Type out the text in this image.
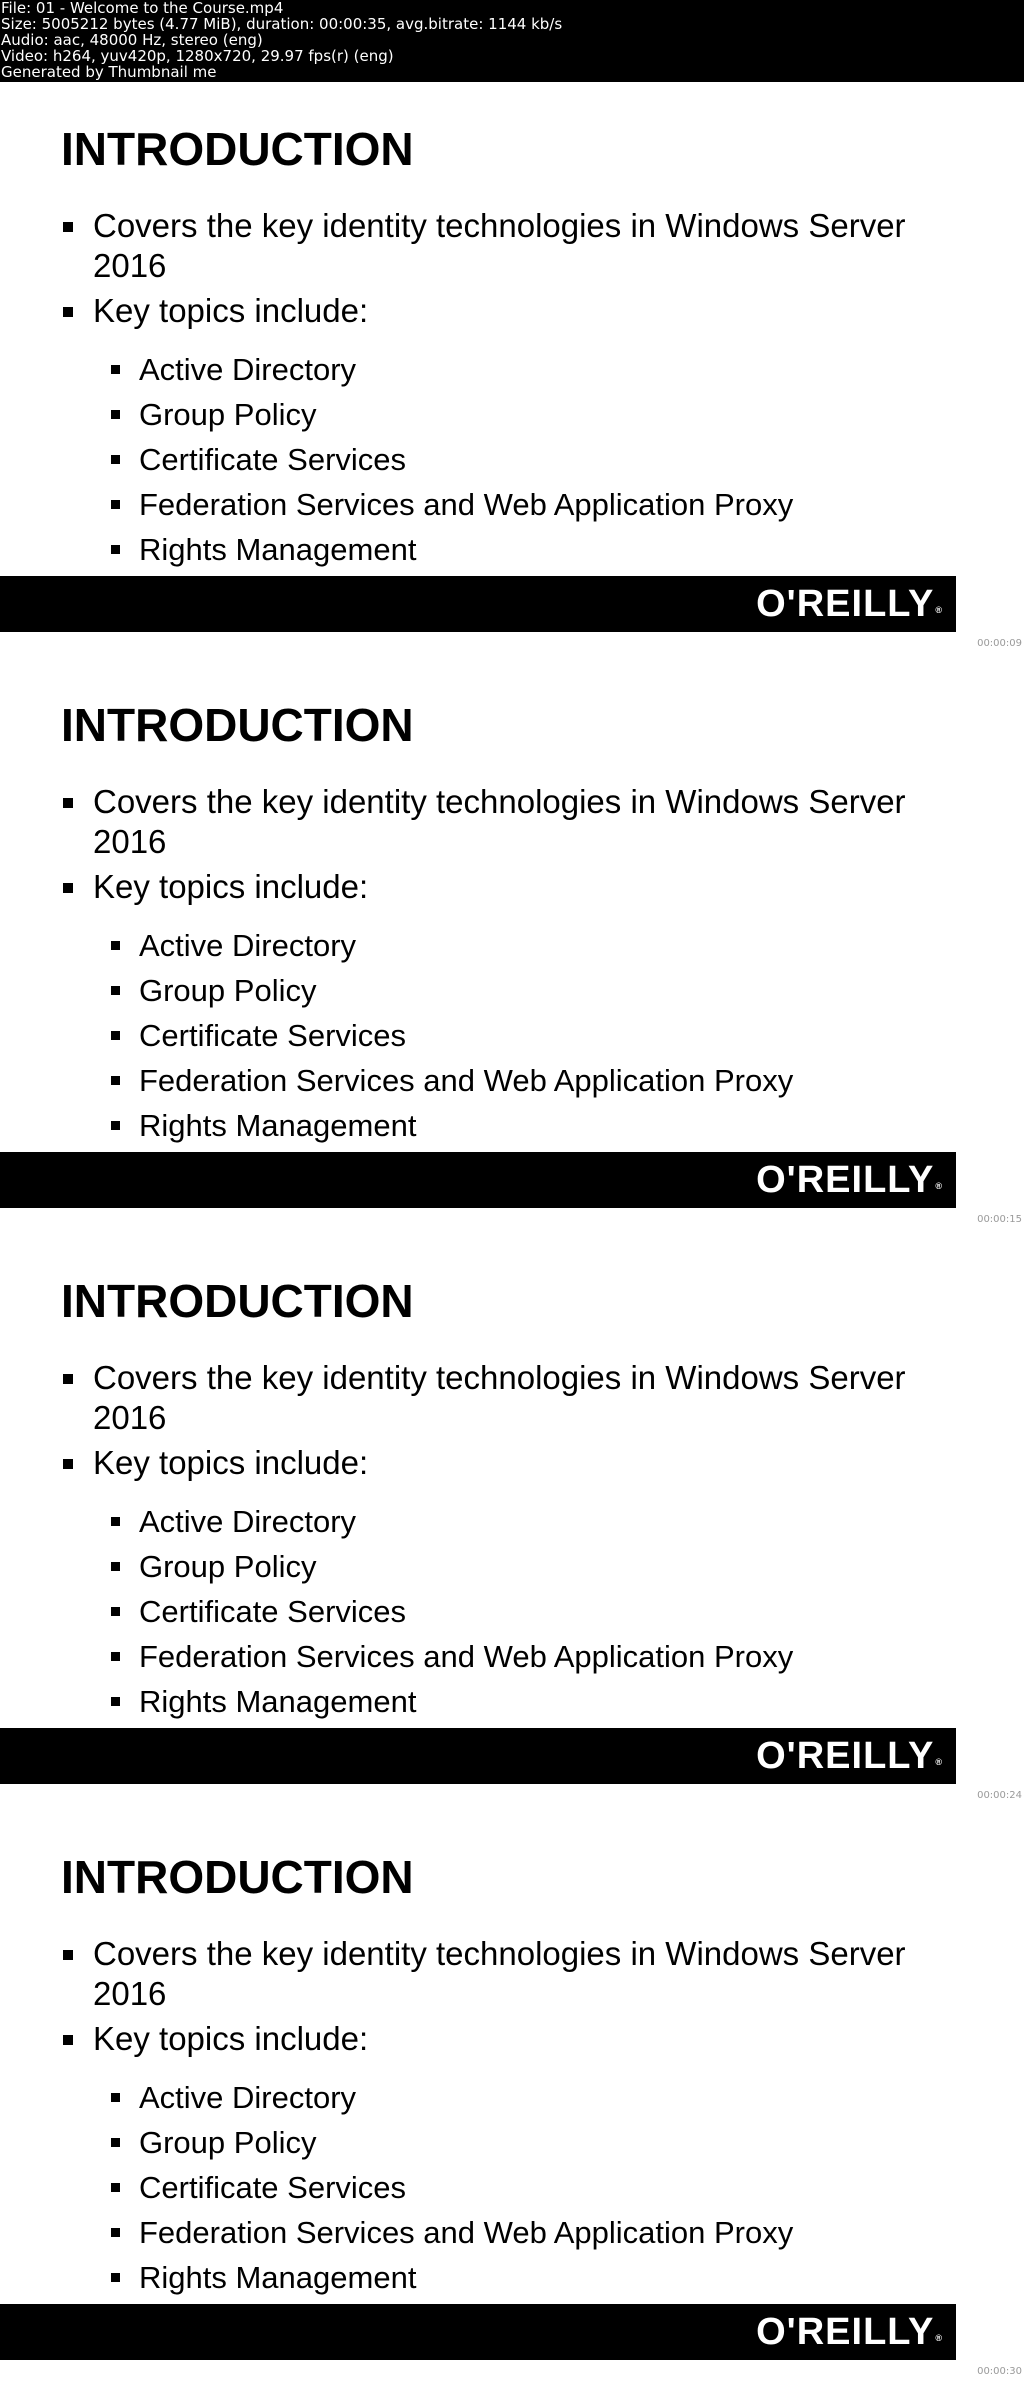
File: 01 - Welcome to the Course.mp4
Size: 5005212 bytes (4.77 MiB), duration: 00:00:35, avg.bitrate: 1144 kb/s
Audio: aac, 48000 Hz, stereo (eng)
Video: h264, yuv420p, 1280x720, 29.97 fps(r) (eng)
Generated by Thumbnail me
INTRODUCTION
Covers the key identity technologies in Windows Server 2016
Key topics include:
Active Directory
Group Policy
Certificate Services
Federation Services and Web Application Proxy
Rights Management
O'REILLY®
00:00:09
INTRODUCTION
Covers the key identity technologies in Windows Server 2016
Key topics include:
Active Directory
Group Policy
Certificate Services
Federation Services and Web Application Proxy
Rights Management
O'REILLY®
00:00:15
INTRODUCTION
Covers the key identity technologies in Windows Server 2016
Key topics include:
Active Directory
Group Policy
Certificate Services
Federation Services and Web Application Proxy
Rights Management
O'REILLY®
00:00:24
INTRODUCTION
Covers the key identity technologies in Windows Server 2016
Key topics include:
Active Directory
Group Policy
Certificate Services
Federation Services and Web Application Proxy
Rights Management
O'REILLY®
00:00:30
